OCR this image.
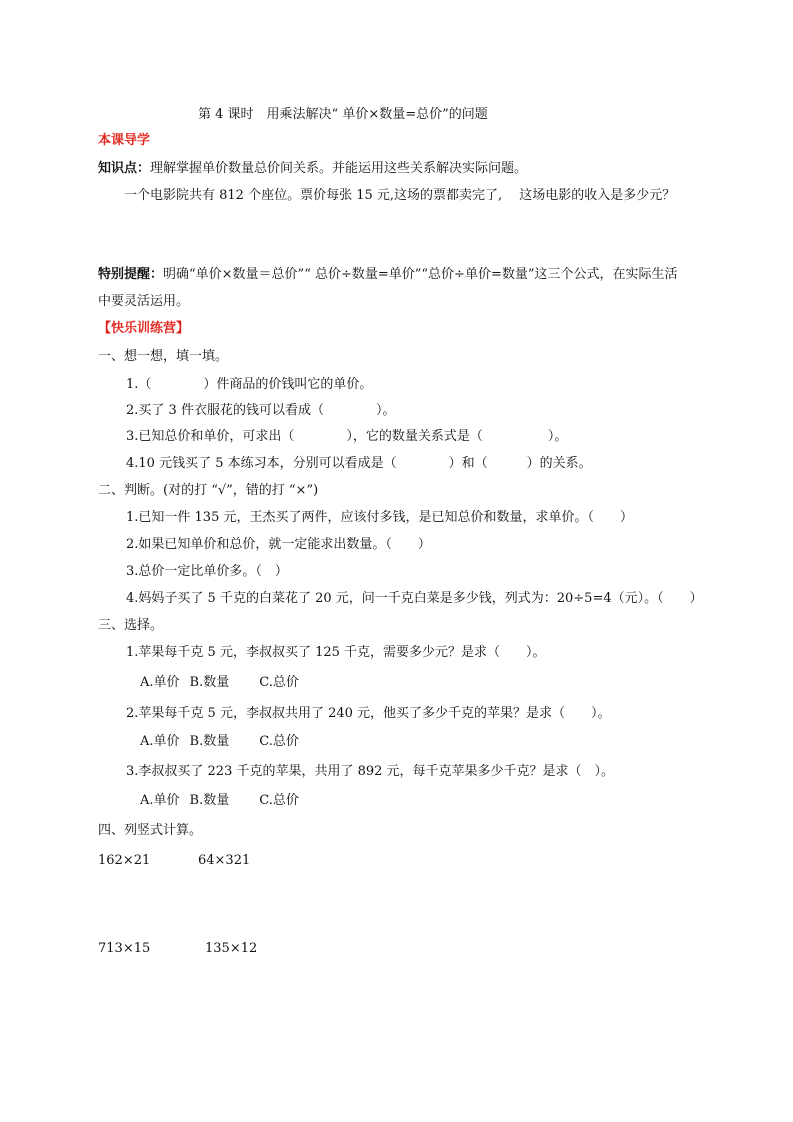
第 4 课时　用乘法解决“ 单价×数量=总价”的问题
本课导学
知识点：理解掌握单价数量总价间关系。并能运用这些关系解决实际问题。
一个电影院共有 812 个座位。票价每张 15 元,这场的票都卖完了,　 这场电影的收入是多少元？
特别提醒：明确“单价×数量＝总价”“ 总价÷数量=单价”“总价÷单价=数量”这三个公式，在实际生活
中要灵活运用。
【快乐训练营】
一、想一想，填一填。
1.（　　　　）件商品的价钱叫它的单价。
2.买了 3 件衣服花的钱可以看成（　　　　）。
3.已知总价和单价，可求出（　　　　），它的数量关系式是（　　　　　）。
4.10 元钱买了 5 本练习本，分别可以看成是（　　　　）和（　　　）的关系。
二、判断。(对的打 “√”，错的打 “×”)
1.已知一件 135 元，王杰买了两件，应该付多钱，是已知总价和数量，求单价。（　　）
2.如果已知单价和总价，就一定能求出数量。（　　）
3.总价一定比单价多。（　）
4.妈妈子买了 5 千克的白菜花了 20 元，问一千克白菜是多少钱，列式为：20÷5=4（元）。（　　）
三、选择。
1.苹果每千克 5 元，李叔叔买了 125 千克，需要多少元？是求（　　）。
A.单价 B.数量 C.总价
2.苹果每千克 5 元，李叔叔共用了 240 元，他买了多少千克的苹果？是求（　　）。
A.单价 B.数量 C.总价
3.李叔叔买了 223 千克的苹果，共用了 892 元，每千克苹果多少千克？是求（　）。
A.单价 B.数量 C.总价
四、列竖式计算。
162×21	64×321
713×15	135×12
